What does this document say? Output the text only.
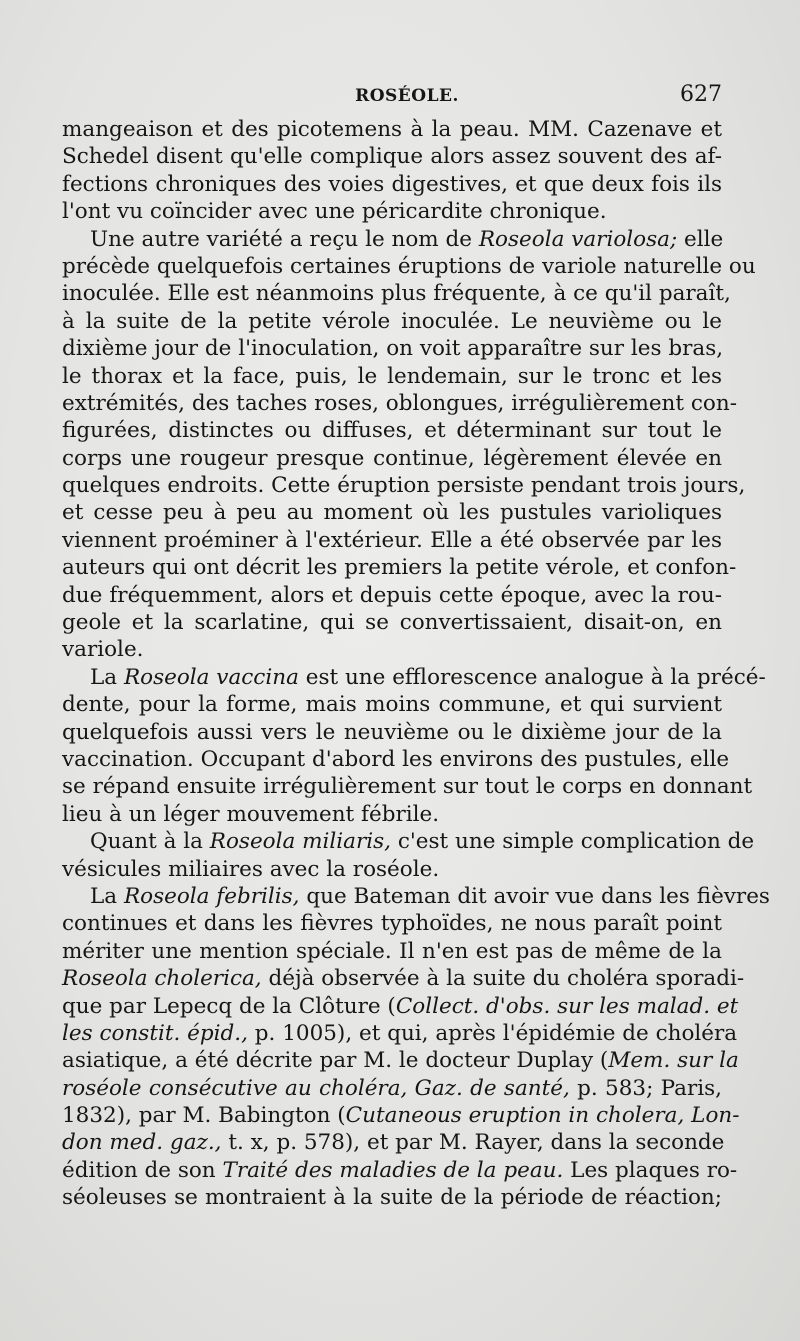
ROSÉOLE.	627
mangeaison et des picotemens à la peau. MM. Cazenave et
Schedel disent qu'elle complique alors assez souvent des af-
fections chroniques des voies digestives, et que deux fois ils
l'ont vu coïncider avec une péricardite chronique.
Une autre variété a reçu le nom de Roseola variolosa; elle
précède quelquefois certaines éruptions de variole naturelle ou
inoculée. Elle est néanmoins plus fréquente, à ce qu'il paraît,
à la suite de la petite vérole inoculée. Le neuvième ou le
dixième jour de l'inoculation, on voit apparaître sur les bras,
le thorax et la face, puis, le lendemain, sur le tronc et les
extrémités, des taches roses, oblongues, irrégulièrement con-
figurées, distinctes ou diffuses, et déterminant sur tout le
corps une rougeur presque continue, légèrement élevée en
quelques endroits. Cette éruption persiste pendant trois jours,
et cesse peu à peu au moment où les pustules varioliques
viennent proéminer à l'extérieur. Elle a été observée par les
auteurs qui ont décrit les premiers la petite vérole, et confon-
due fréquemment, alors et depuis cette époque, avec la rou-
geole et la scarlatine, qui se convertissaient, disait-on, en
variole.
La Roseola vaccina est une efflorescence analogue à la précé-
dente, pour la forme, mais moins commune, et qui survient
quelquefois aussi vers le neuvième ou le dixième jour de la
vaccination. Occupant d'abord les environs des pustules, elle
se répand ensuite irrégulièrement sur tout le corps en donnant
lieu à un léger mouvement fébrile.
Quant à la Roseola miliaris, c'est une simple complication de
vésicules miliaires avec la roséole.
La Roseola febrilis, que Bateman dit avoir vue dans les fièvres
continues et dans les fièvres typhoïdes, ne nous paraît point
mériter une mention spéciale. Il n'en est pas de même de la
Roseola cholerica, déjà observée à la suite du choléra sporadi-
que par Lepecq de la Clôture (Collect. d'obs. sur les malad. et
les constit. épid., p. 1005), et qui, après l'épidémie de choléra
asiatique, a été décrite par M. le docteur Duplay (Mem. sur la
roséole consécutive au choléra, Gaz. de santé, p. 583; Paris,
1832), par M. Babington (Cutaneous eruption in cholera, Lon-
don med. gaz., t. x, p. 578), et par M. Rayer, dans la seconde
édition de son Traité des maladies de la peau. Les plaques ro-
séoleuses se montraient à la suite de la période de réaction;
